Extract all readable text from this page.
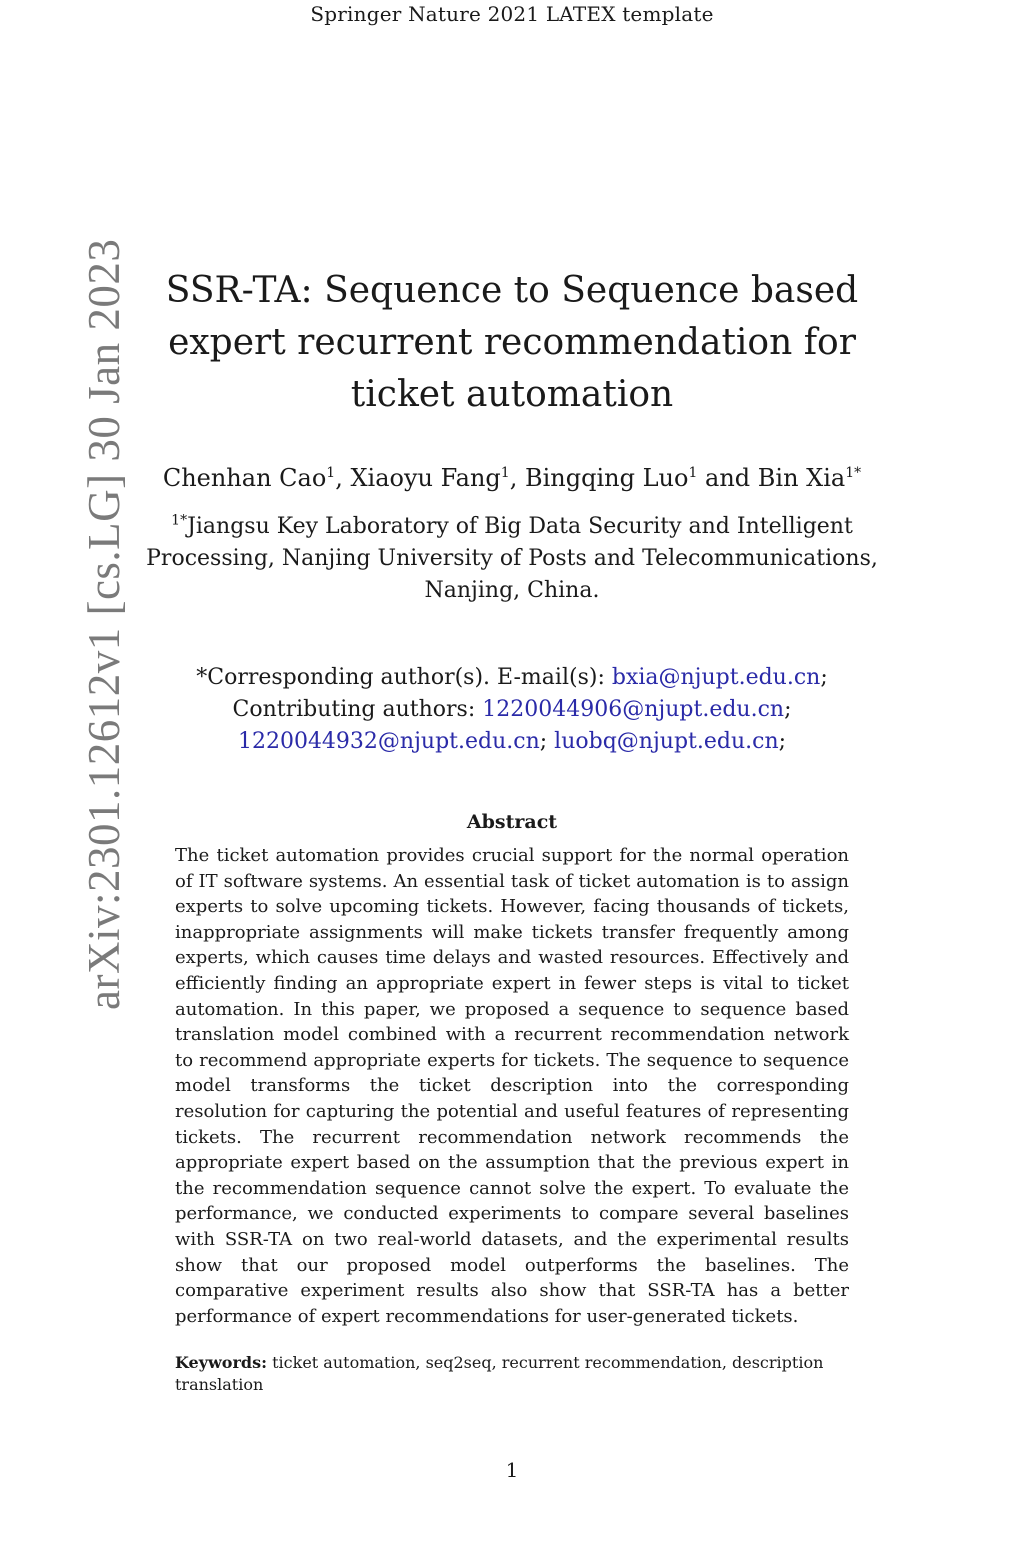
Springer Nature 2021 LATEX template
arXiv:2301.12612v1 [cs.LG] 30 Jan 2023	SSR-TA: Sequence to Sequence based expert recurrent recommendation for ticket automation
Chenhan Cao$^1$, Xiaoyu Fang$^1$, Bingqing Luo$^1$ and Bin Xia$^{1*}$
$^{1*}$Jiangsu Key Laboratory of Big Data Security and Intelligent Processing, Nanjing University of Posts and Telecommunications, Nanjing, China.
*Corresponding author(s). E-mail(s): bxia@njupt.edu.cn;
Contributing authors: 1220044906@njupt.edu.cn;
1220044932@njupt.edu.cn; luobq@njupt.edu.cn;
Abstract

The ticket automation provides crucial support for the normal operation of IT software systems. An essential task of ticket automation is to assign experts to solve upcoming tickets. However, facing thousands of tickets, inappropriate assignments will make tickets transfer frequently among experts, which causes time delays and wasted resources. Effectively and efficiently finding an appropriate expert in fewer steps is vital to ticket automation. In this paper, we proposed a sequence to sequence based translation model combined with a recurrent recommendation network to recommend appropriate experts for tickets. The sequence to sequence model transforms the ticket description into the corresponding resolution for capturing the potential and useful features of representing tickets. The recurrent recommendation network recommends the appropriate expert based on the assumption that the previous expert in the recommendation sequence cannot solve the expert. To evaluate the performance, we conducted experiments to compare several baselines with SSR-TA on two real-world datasets, and the experimental results show that our proposed model outperforms the baselines. The comparative experiment results also show that SSR-TA has a better performance of expert recommendations for user-generated tickets.

Keywords: ticket automation, seq2seq, recurrent recommendation, description translation
1
